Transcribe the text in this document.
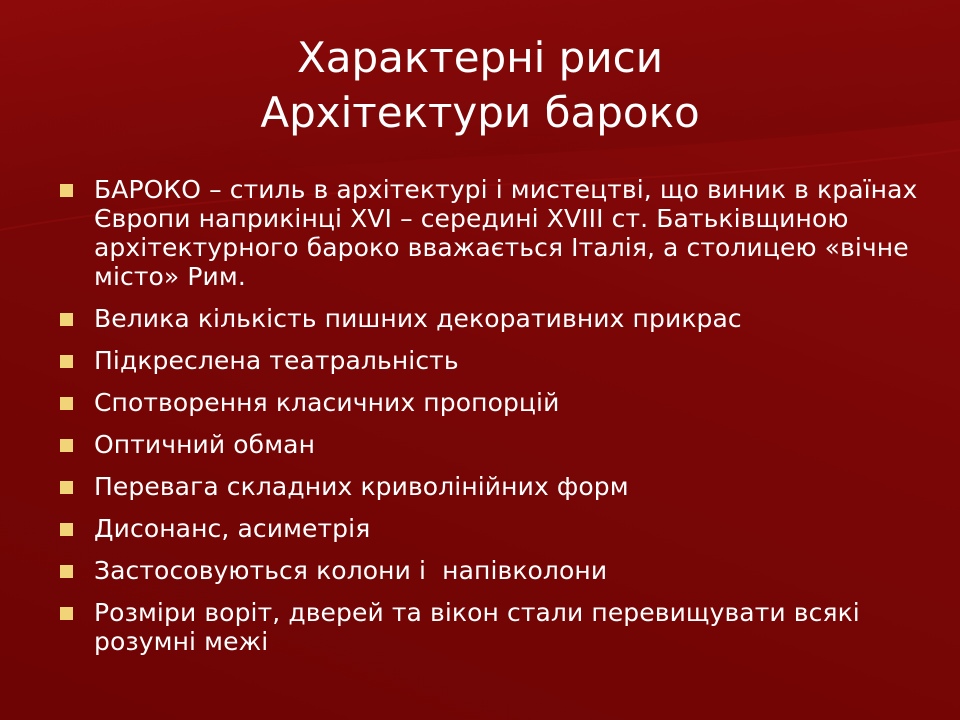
Характерні риси
Архітектури бароко
БАРОКО – стиль в архітектурі і мистецтві, що виник в країнах Європи наприкінці XVI – середині XVIII ст. Батьківщиною архітектурного бароко вважається Італія, а столицею «вічне місто» Рим.
Велика кількість пишних декоративних прикрас
Підкреслена театральність
Спотворення класичних пропорцій
Оптичний обман
Перевага складних криволінійних форм
Дисонанс, асиметрія
Застосовуються колони і  напівколони
Розміри воріт, дверей та вікон стали перевищувати всякі розумні межі
